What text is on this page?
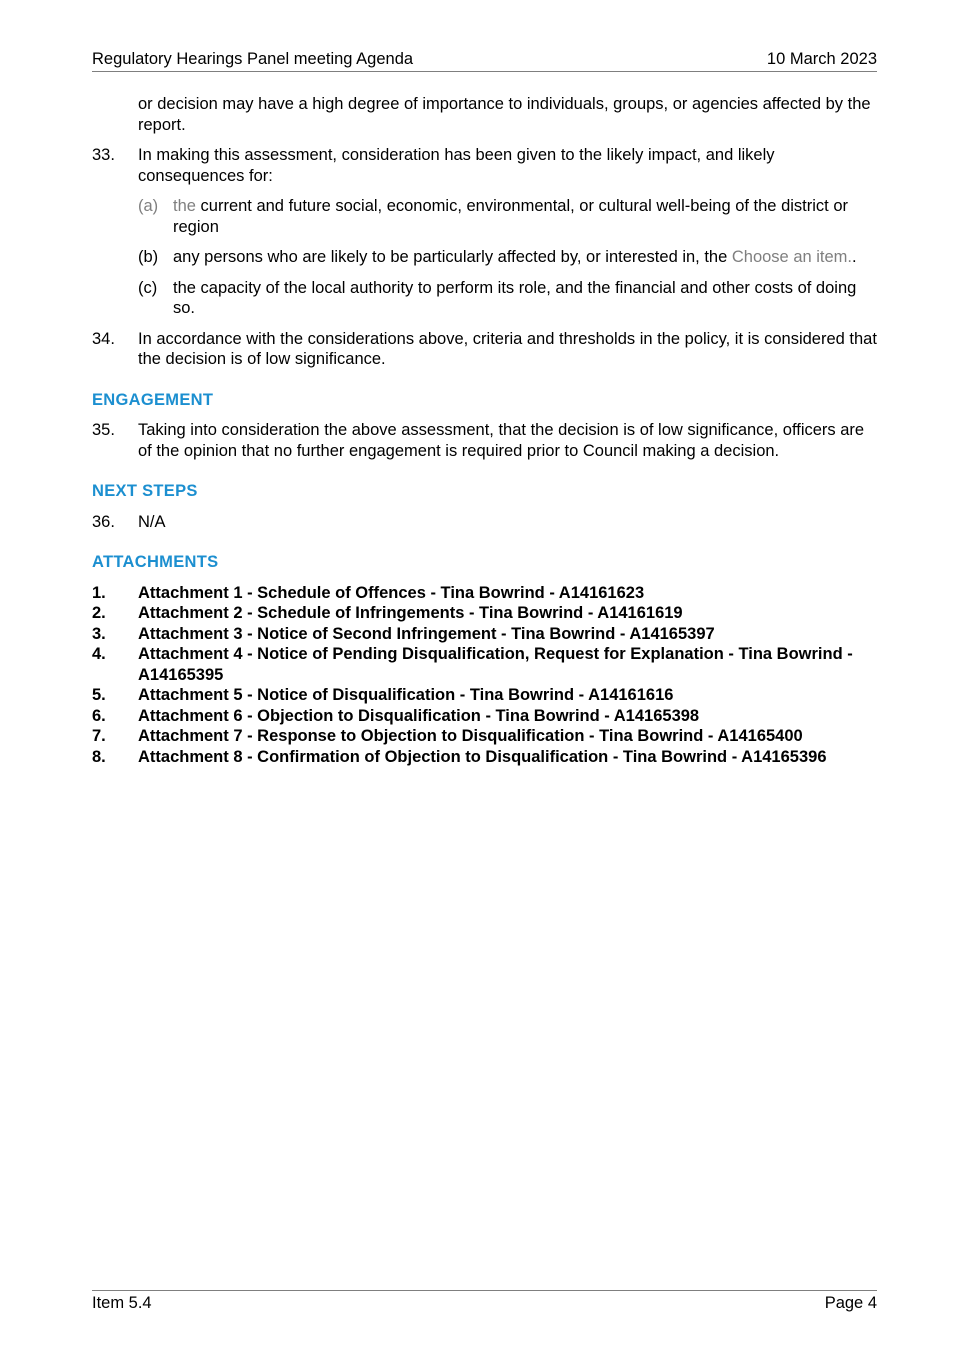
Regulatory Hearings Panel meeting Agenda	10 March 2023
or decision may have a high degree of importance to individuals, groups, or agencies affected by the report.
33. In making this assessment, consideration has been given to the likely impact, and likely consequences for:
(a) the current and future social, economic, environmental, or cultural well-being of the district or region
(b) any persons who are likely to be particularly affected by, or interested in, the Choose an item..
(c) the capacity of the local authority to perform its role, and the financial and other costs of doing so.
34. In accordance with the considerations above, criteria and thresholds in the policy, it is considered that the decision is of low significance.
ENGAGEMENT
35. Taking into consideration the above assessment, that the decision is of low significance, officers are of the opinion that no further engagement is required prior to Council making a decision.
NEXT STEPS
36. N/A
ATTACHMENTS
1. Attachment 1 - Schedule of Offences - Tina Bowrind - A14161623
2. Attachment 2 - Schedule of Infringements - Tina Bowrind - A14161619
3. Attachment 3 - Notice of Second Infringement - Tina Bowrind - A14165397
4. Attachment 4 - Notice of Pending Disqualification, Request for Explanation - Tina Bowrind - A14165395
5. Attachment 5 - Notice of Disqualification - Tina Bowrind - A14161616
6. Attachment 6 - Objection to Disqualification - Tina Bowrind - A14165398
7. Attachment 7 - Response to Objection to Disqualification - Tina Bowrind - A14165400
8. Attachment 8 - Confirmation of Objection to Disqualification - Tina Bowrind - A14165396
Item 5.4	Page 4
